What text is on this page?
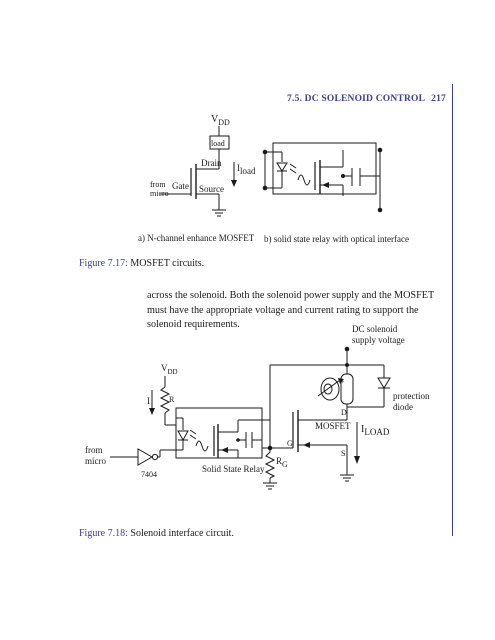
7.5. DC SOLENOID CONTROL 217
$V_{DD}$
load
Iload
Drain
Gate Source
from
micro
a) N-channel enhance MOSFET b) solid state relay with optical interface
Figure 7.17: MOSFET circuits.
across the solenoid. Both the solenoid power supply and the MOSFET must have the appropriate voltage and current rating to support the solenoid requirements.	DC solenoid
supply voltage
protection
diode
+
$V_{DD}$
R
I
Solid State Relay
RG
G
D
MOSFET
S
ILOAD
from
micro
7404
Figure 7.18: Solenoid interface circuit.
